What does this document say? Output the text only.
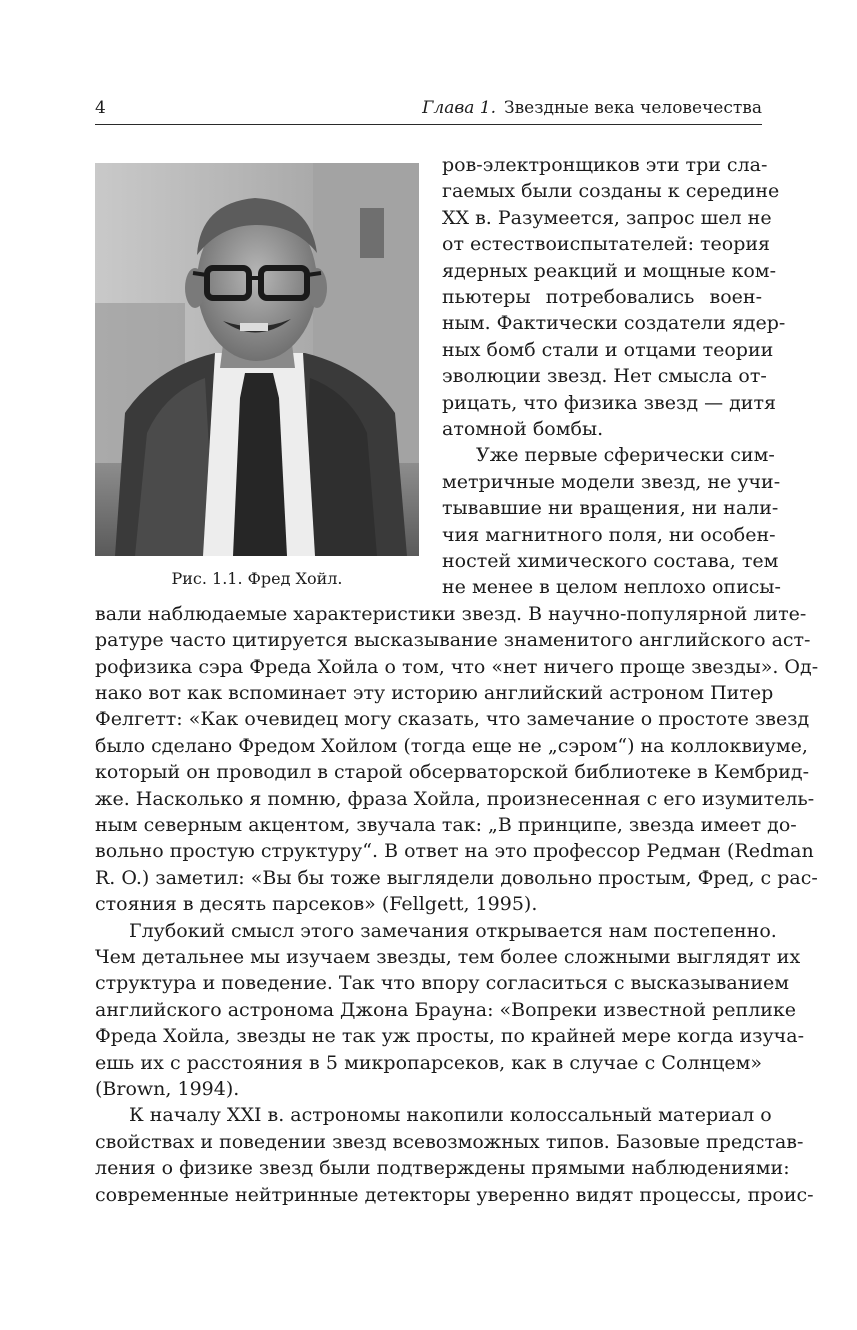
4	Глава 1. Звездные века человечества
Рис. 1.1. Фред Хойл.
ров-электронщиков эти три сла-
гаемых были созданы к середине
XX в. Разумеется, запрос шел не
от естествоиспытателей: теория
ядерных реакций и мощные ком-
пьютеры потребовались воен-
ным. Фактически создатели ядер-
ных бомб стали и отцами теории
эволюции звезд. Нет смысла от-
рицать, что физика звезд — дитя
атомной бомбы.
Уже первые сферически сим-
метричные модели звезд, не учи-
тывавшие ни вращения, ни нали-
чия магнитного поля, ни особен-
ностей химического состава, тем
не менее в целом неплохо описы-
вали наблюдаемые характеристики звезд. В научно-популярной лите-
ратуре часто цитируется высказывание знаменитого английского аст-
рофизика сэра Фреда Хойла о том, что «нет ничего проще звезды». Од-
нако вот как вспоминает эту историю английский астроном Питер
Фелгетт: «Как очевидец могу сказать, что замечание о простоте звезд
было сделано Фредом Хойлом (тогда еще не „сэром“) на коллоквиуме,
который он проводил в старой обсерваторской библиотеке в Кембрид-
же. Насколько я помню, фраза Хойла, произнесенная с его изумитель-
ным северным акцентом, звучала так: „В принципе, звезда имеет до-
вольно простую структуру“. В ответ на это профессор Редман (Redman
R. O.) заметил: «Вы бы тоже выглядели довольно простым, Фред, с рас-
стояния в десять парсеков» (Fellgett, 1995).
Глубокий смысл этого замечания открывается нам постепенно.
Чем детальнее мы изучаем звезды, тем более сложными выглядят их
структура и поведение. Так что впору согласиться с высказыванием
английского астронома Джона Брауна: «Вопреки известной реплике
Фреда Хойла, звезды не так уж просты, по крайней мере когда изуча-
ешь их с расстояния в 5 микропарсеков, как в случае с Солнцем»
(Brown, 1994).
К началу XXI в. астрономы накопили колоссальный материал о
свойствах и поведении звезд всевозможных типов. Базовые представ-
ления о физике звезд были подтверждены прямыми наблюдениями:
современные нейтринные детекторы уверенно видят процессы, проис-
